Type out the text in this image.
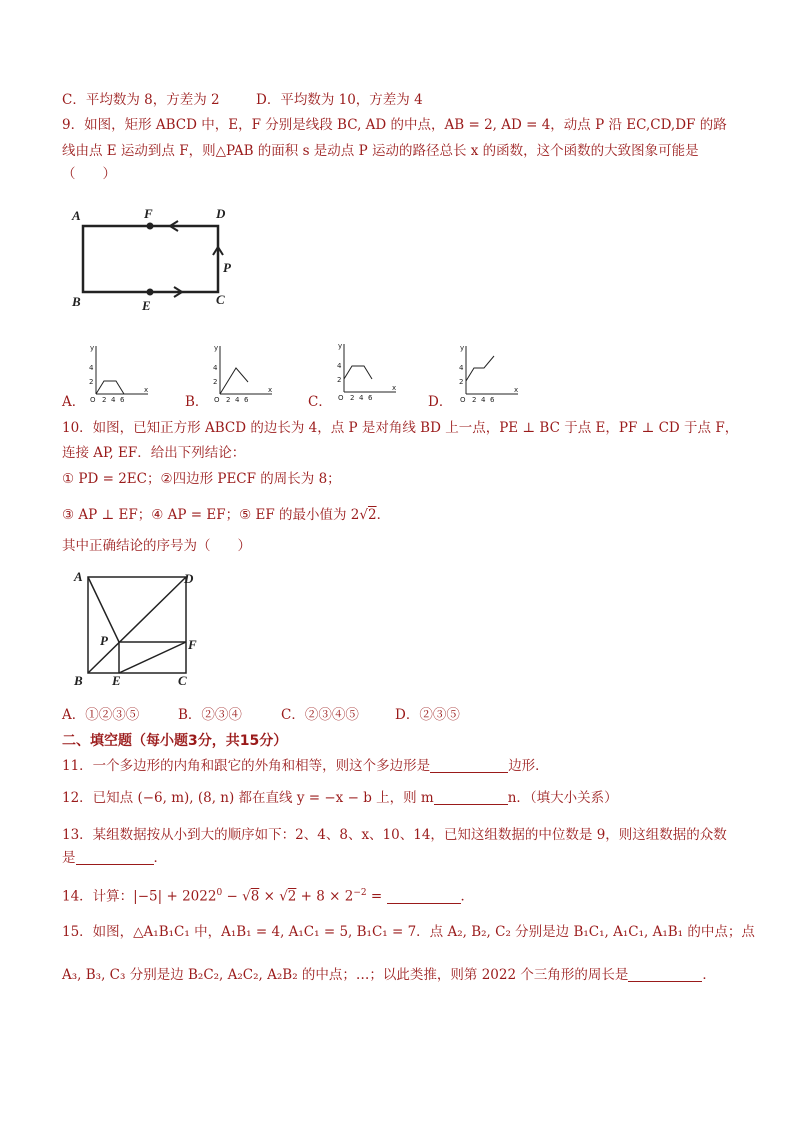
C．平均数为 8，方差为 2	D．平均数为 10，方差为 4
9．如图，矩形 ABCD 中，E，F 分别是线段 BC, AD 的中点，AB = 2, AD = 4，动点 P 沿 EC,CD,DF 的路
线由点 E 运动到点 F，则△PAB 的面积 s 是动点 P 运动的路径总长 x 的函数，这个函数的大致图象可能是
（　　）
A	F	D
P
B	E	C
A．	B．	C．	D．
y
4
2
O 2 4 6
x
y
4
2
O 2 4 6
x
y
4
2
O 2 4 6
x
y
4
2
O 2 4 6
x
10．如图，已知正方形 ABCD 的边长为 4，点 P 是对角线 BD 上一点，PE ⊥ BC 于点 E，PF ⊥ CD 于点 F，
连接 AP, EF．给出下列结论：
① PD = 2EC；②四边形 PECF 的周长为 8；
③ AP ⊥ EF；④ AP = EF；⑤ EF 的最小值为 2√2．
其中正确结论的序号为（　　）
A	D
P	F
B E	C
A．①②③⑤	B．②③④	C．②③④⑤	D．②③⑤
二、填空题（每小题3分，共15分）
11．一个多边形的内角和跟它的外角和相等，则这个多边形是	边形．
12．已知点 (−6, m), (8, n) 都在直线 y = −x − b 上，则 m	n．（填大小关系）
13．某组数据按从小到大的顺序如下：2、4、8、x、10、14，已知这组数据的中位数是 9，则这组数据的众数
是	．
14．计算：$|-5| + 2022^0 - √8 \times √2 + 8 \times 2^{-2}$ =	．
15．如图，△A₁B₁C₁ 中，A₁B₁ = 4, A₁C₁ = 5, B₁C₁ = 7．点 A₂, B₂, C₂ 分别是边 B₁C₁, A₁C₁, A₁B₁ 的中点；点
A₃, B₃, C₃ 分别是边 B₂C₂, A₂C₂, A₂B₂ 的中点；…；以此类推，则第 2022 个三角形的周长是	．
